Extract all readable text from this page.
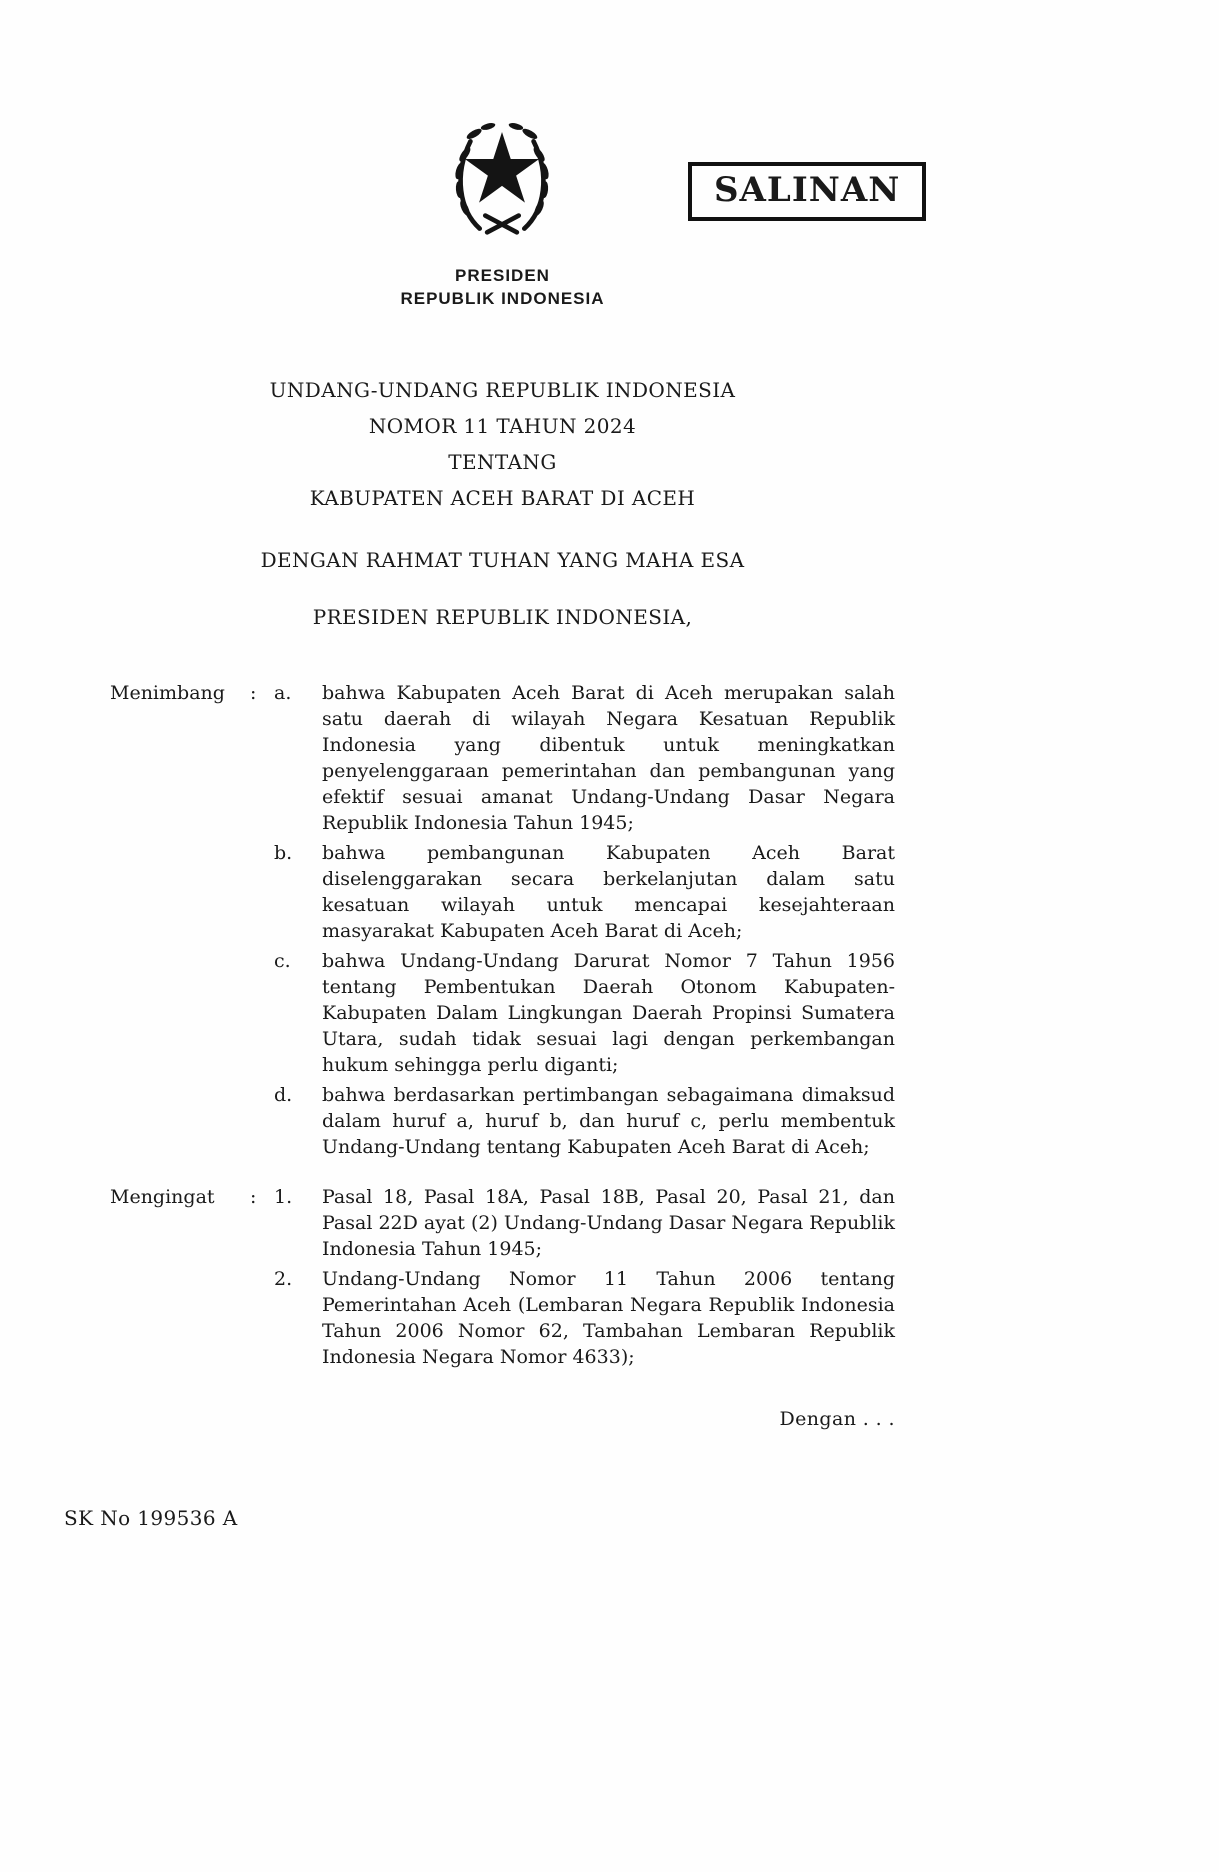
SALINAN
PRESIDEN
REPUBLIK INDONESIA
UNDANG-UNDANG REPUBLIK INDONESIA
NOMOR 11 TAHUN 2024
TENTANG
KABUPATEN ACEH BARAT DI ACEH
DENGAN RAHMAT TUHAN YANG MAHA ESA
PRESIDEN REPUBLIK INDONESIA,
Menimbang	: a.	bahwa Kabupaten Aceh Barat di Aceh merupakan salah satu daerah di wilayah Negara Kesatuan Republik Indonesia yang dibentuk untuk meningkatkan penyelenggaraan pemerintahan dan pembangunan yang efektif sesuai amanat Undang-Undang Dasar Negara Republik Indonesia Tahun 1945;
b.	bahwa pembangunan Kabupaten Aceh Barat diselenggarakan secara berkelanjutan dalam satu kesatuan wilayah untuk mencapai kesejahteraan masyarakat Kabupaten Aceh Barat di Aceh;
c.	bahwa Undang-Undang Darurat Nomor 7 Tahun 1956 tentang Pembentukan Daerah Otonom Kabupaten-Kabupaten Dalam Lingkungan Daerah Propinsi Sumatera Utara, sudah tidak sesuai lagi dengan perkembangan hukum sehingga perlu diganti;
d.	bahwa berdasarkan pertimbangan sebagaimana dimaksud dalam huruf a, huruf b, dan huruf c, perlu membentuk Undang-Undang tentang Kabupaten Aceh Barat di Aceh;
Mengingat	: 1.	Pasal 18, Pasal 18A, Pasal 18B, Pasal 20, Pasal 21, dan Pasal 22D ayat (2) Undang-Undang Dasar Negara Republik Indonesia Tahun 1945;
2.	Undang-Undang Nomor 11 Tahun 2006 tentang Pemerintahan Aceh (Lembaran Negara Republik Indonesia Tahun 2006 Nomor 62, Tambahan Lembaran Republik Indonesia Negara Nomor 4633);
Dengan . . .
SK No 199536 A
